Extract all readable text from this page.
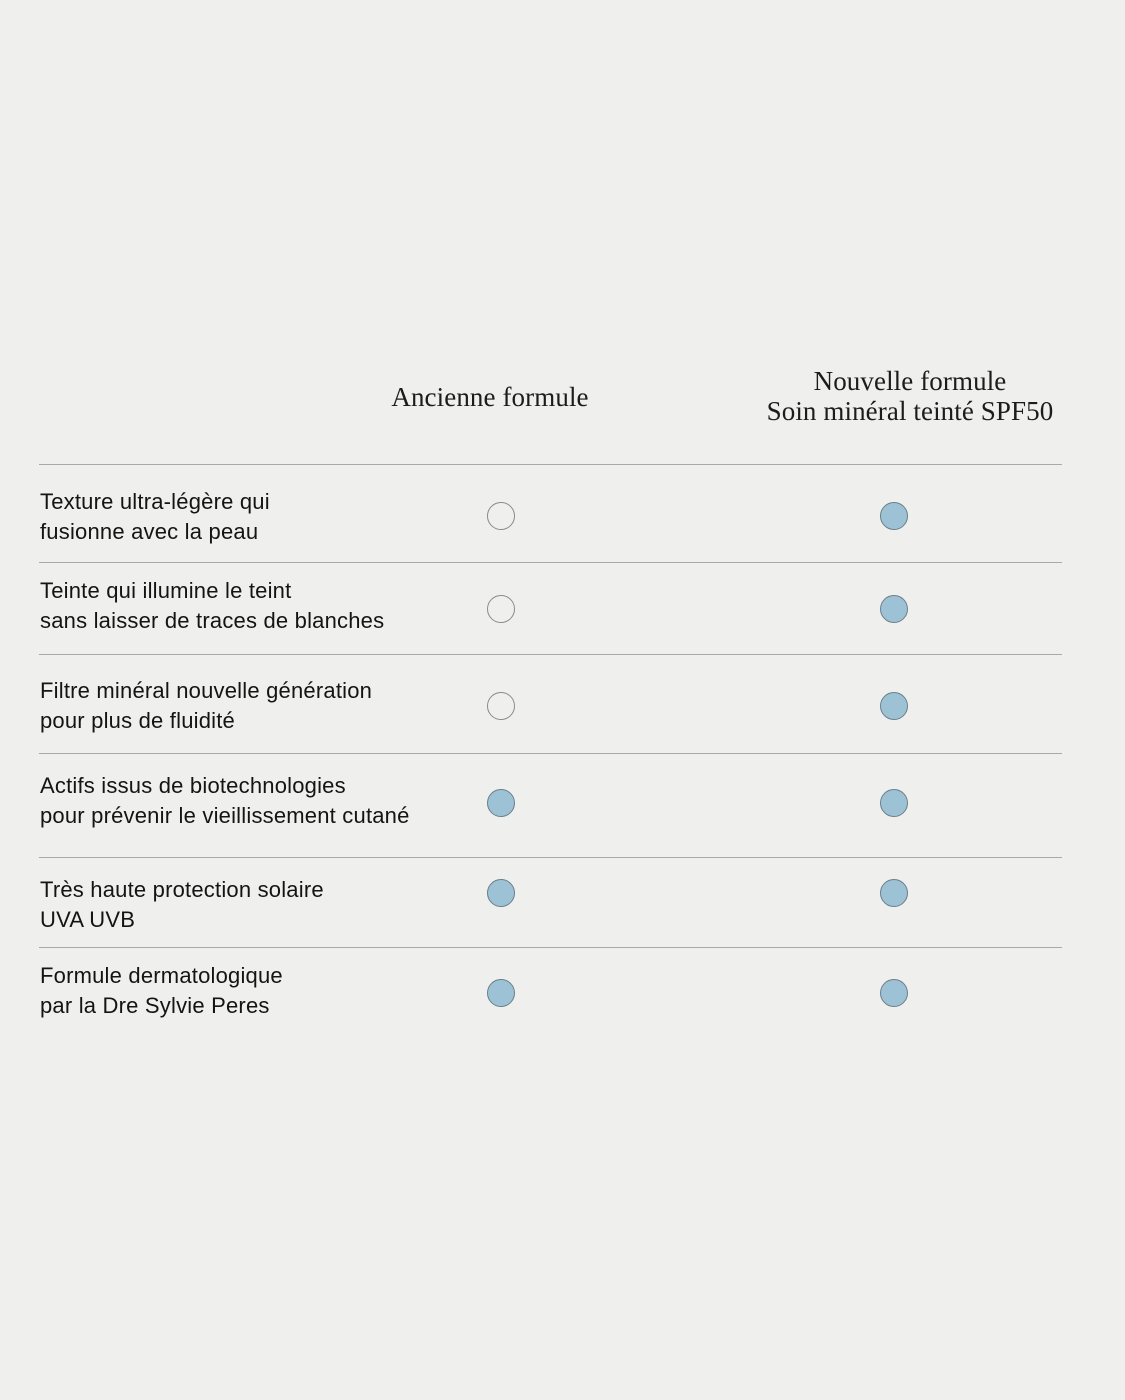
Ancienne formule
Nouvelle formule
Soin minéral teinté SPF50
Texture ultra-légère qui
fusionne avec la peau
Teinte qui illumine le teint
sans laisser de traces de blanches
Filtre minéral nouvelle génération
pour plus de fluidité
Actifs issus de biotechnologies
pour prévenir le vieillissement cutané
Très haute protection solaire
UVA UVB
Formule dermatologique
par la Dre Sylvie Peres
